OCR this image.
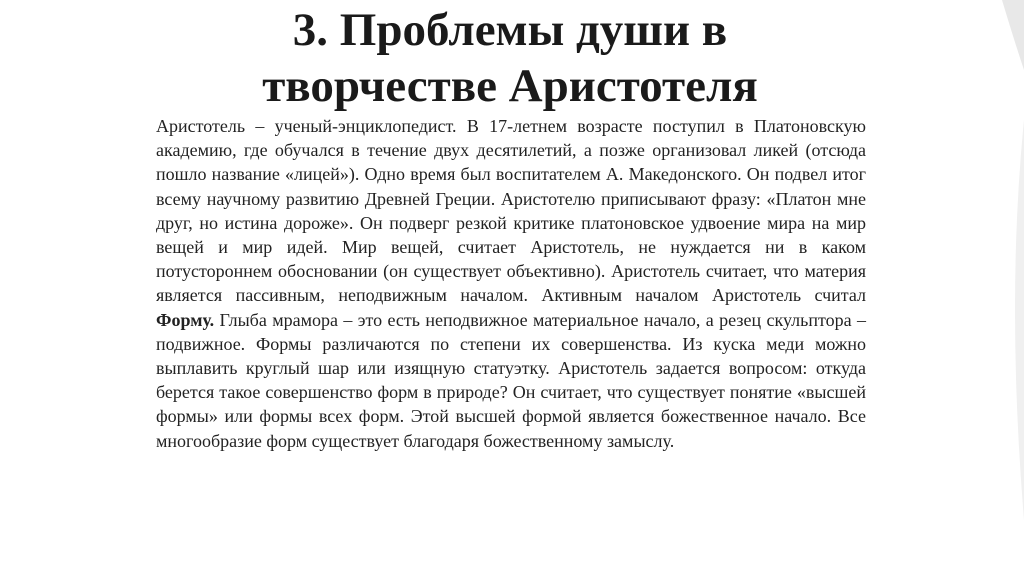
3. Проблемы души в
творчестве Аристотеля

Аристотель – ученый-энциклопедист. В 17-летнем возрасте поступил в Платоновскую академию, где обучался в течение двух десятилетий, а позже организовал ликей (отсюда пошло название «лицей»). Одно время был воспитателем А. Македонского. Он подвел итог всему научному развитию Древней Греции. Аристотелю приписывают фразу: «Платон мне друг, но истина дороже». Он подверг резкой критике платоновское удвоение мира на мир вещей и мир идей. Мир вещей, считает Аристотель, не нуждается ни в каком потустороннем обосновании (он существует объективно). Аристотель считает, что материя является пассивным, неподвижным началом. Активным началом Аристотель считал Форму. Глыба мрамора – это есть неподвижное материальное начало, а резец скульптора – подвижное. Формы различаются по степени их совершенства. Из куска меди можно выплавить круглый шар или изящную статуэтку. Аристотель задается вопросом: откуда берется такое совершенство форм в природе? Он считает, что существует понятие «высшей формы» или формы всех форм. Этой высшей формой является божественное начало. Все многообразие форм существует благодаря божественному замыслу.
